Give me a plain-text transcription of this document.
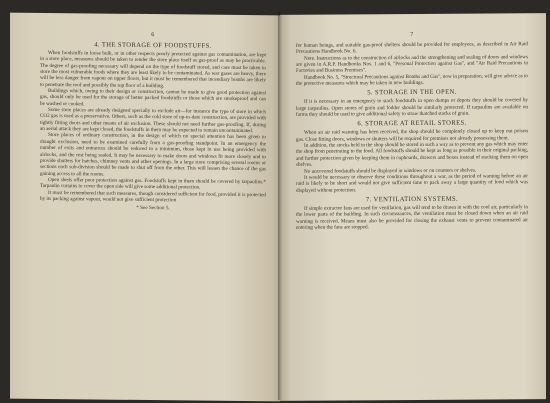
6
4. THE STORAGE OF FOODSTUFFS.

When foodstuffs in loose bulk, or in other respects poorly protected against gas contamination, are kept in a store place, measures should be taken to render the store place itself as gas-proof as may be practicable. The degree of gas-proofing necessary will depend on the type of foodstuff stored, and care must be taken to store the most vulnerable foods where they are least likely to be contaminated. As war gases are heavy, there will be less danger from vapour on upper floors, but it must be remembered that incendiary bombs are likely to penetrate the roof and possibly the top floor of a building.

Buildings which, owing to their design or construction, cannot be made to give good protection against gas, should only be used for the storage of better packed foodstuffs or those which are smokeproof and can be washed or cooked.

Some store places are already designed specially to exclude air—for instance the type of store in which CO2 gas is used as a preservative. Others, such as the cold store of up-to-date construction, are provided with tightly fitting doors and other means of air exclusion. These should not need further gas-proofing. If, during an aerial attack they are kept closed, the foodstuffs in them may be expected to remain uncontaminated.

Store places of ordinary construction, in the design of which no special attention has been given to draught exclusion, need to be examined carefully from a gas-proofing standpoint. In an emergency the number of exits and entrances should be reduced to a minimum, those kept in use being provided with airlocks, and the rest being sealed. It may be necessary to make doors and windows fit more closely and to provide shutters for hatches, chimney vents and other openings. In a large store comprising several rooms or sections each sub-division should be made to shut off from the other. This will lessen the chance of the gas gaining access to all the rooms.

Open sheds offer poor protection against gas. Foodstuffs kept in them should be covered by tarpaulins.* Tarpaulin curtains to cover the open side will give some additional protection.

It must be remembered that such measures, though considered sufficient for food, provided it is protected by its packing against vapour, would not give sufficient protection

* See Section 5.
7

for human beings, and suitable gas-proof shelters should be provided for employees, as described in Air Raid Precautions Handbook No. 6.

Note. Instructions as to the construction of airlocks and the strengthening and sealing of doors and windows are given in A.R.P. Handbooks Nos. 1 and 6, "Personal Protection against Gas", and "Air Raid Precautions in Factories and Business Premises".

Handbook No. 5, "Structural Precautions against Bombs and Gas", now in preparation, will give advice as to the protective measures which may be taken in new buildings.

5. STORAGE IN THE OPEN.

If it is necessary in an emergency to stack foodstuffs in open dumps or depots they should be covered by large tarpaulins. Open stores of grain and fodder should be similarly protected. If tarpaulins are available on farms they should be used to give additional safety to straw thatched stacks of grain.

6. STORAGE AT RETAIL STORES.

When an air raid warning has been received, the shop should be completely closed up to keep out poison gas. Close fitting doors, windows or shutters will be required for premises not already possessing them.

In addition, the stocks held in the shop should be stored in such a way as to prevent any gas which may enter the shop from penetrating to the food. All foodstuffs should be kept as long as possible in their original packing, and further protection given by keeping them in cupboards, drawers and boxes instead of stacking them on open shelves.

No uncovered foodstuffs should be displayed in windows or on counters or shelves.

It would be necessary to observe these conditions throughout a war, as the period of warning before an air raid is likely to be short and would not give sufficient time to pack away a large quantity of food which was displayed without protection.

7. VENTILATION SYSTEMS.

If simple extractor fans are used for ventilation, gas will tend to be drawn in with the cool air, particularly in the lower parts of the building. In such circumstances, the ventilation must be closed down when an air raid warning is received. Means must also be provided for closing the exhaust vents to prevent contaminated air entering when the fans are stopped.
